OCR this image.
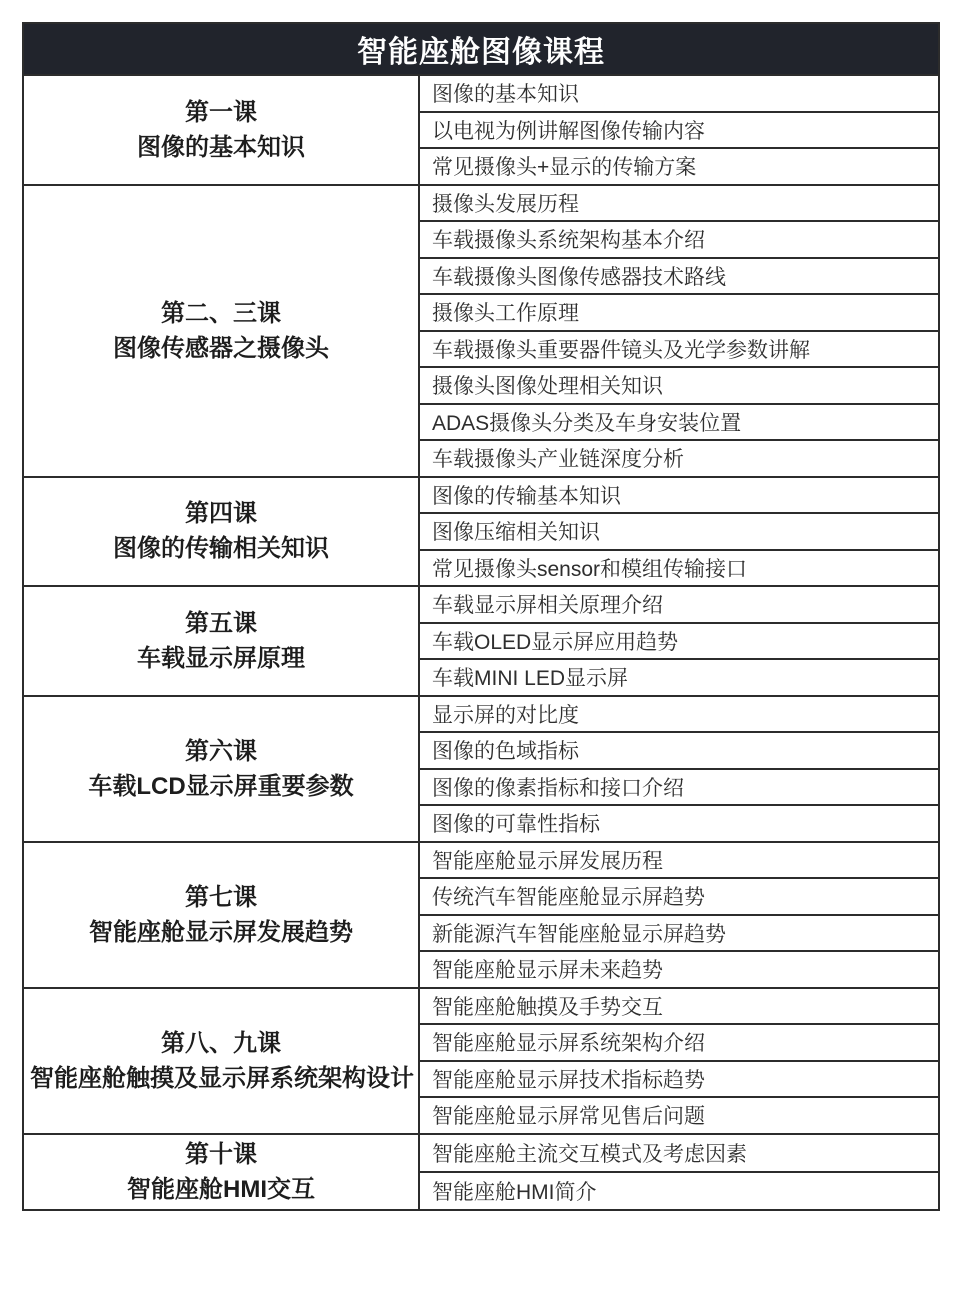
智能座舱图像课程	

第一课
图像的基本知识	图像的基本知识
	以电视为例讲解图像传输内容
	常见摄像头+显示的传输方案

第二、三课
图像传感器之摄像头	摄像头发展历程
	车载摄像头系统架构基本介绍
	车载摄像头图像传感器技术路线
	摄像头工作原理
	车载摄像头重要器件镜头及光学参数讲解
	摄像头图像处理相关知识
	ADAS摄像头分类及车身安装位置
	车载摄像头产业链深度分析

第四课
图像的传输相关知识	图像的传输基本知识
	图像压缩相关知识
	常见摄像头sensor和模组传输接口

第五课
车载显示屏原理	车载显示屏相关原理介绍
	车载OLED显示屏应用趋势
	车载MINI LED显示屏

第六课
车载LCD显示屏重要参数	显示屏的对比度
	图像的色域指标
	图像的像素指标和接口介绍
	图像的可靠性指标

第七课
智能座舱显示屏发展趋势	智能座舱显示屏发展历程
	传统汽车智能座舱显示屏趋势
	新能源汽车智能座舱显示屏趋势
	智能座舱显示屏未来趋势

第八、九课
智能座舱触摸及显示屏系统架构设计	智能座舱触摸及手势交互
	智能座舱显示屏系统架构介绍
	智能座舱显示屏技术指标趋势
	智能座舱显示屏常见售后问题

第十课
智能座舱HMI交互	智能座舱主流交互模式及考虑因素
	智能座舱HMI简介
